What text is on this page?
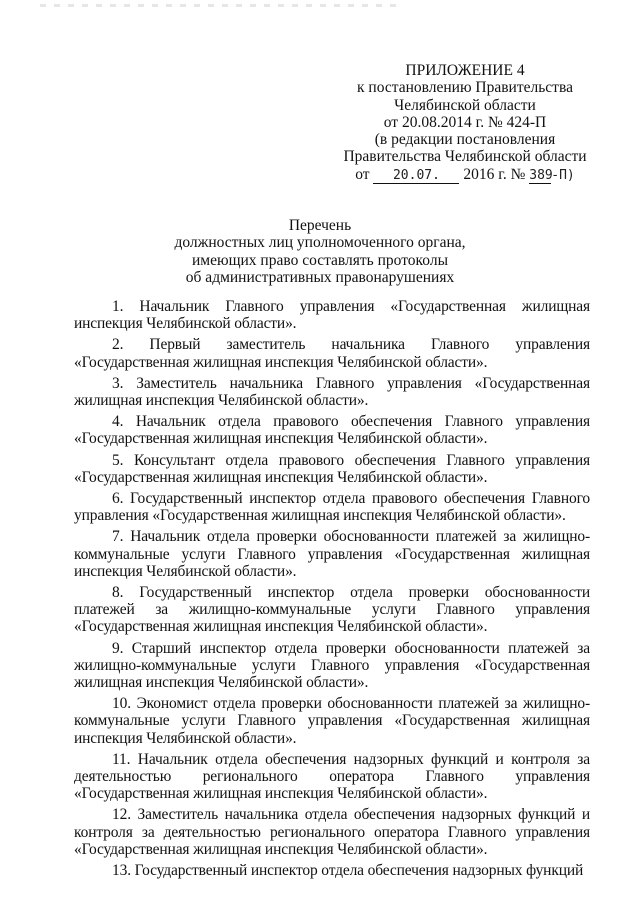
ПРИЛОЖЕНИЕ 4
к постановлению Правительства
Челябинской области
от 20.08.2014 г. № 424-П
(в редакции постановления
Правительства Челябинской области
от 20.07. 2016 г. № 389-П)
Перечень
должностных лиц уполномоченного органа,
имеющих право составлять протоколы
об административных правонарушениях

1. Начальник Главного управления «Государственная жилищная инспекция Челябинской области».

2. Первый заместитель начальника Главного управления «Государственная жилищная инспекция Челябинской области».

3. Заместитель начальника Главного управления «Государственная жилищная инспекция Челябинской области».

4. Начальник отдела правового обеспечения Главного управления «Государственная жилищная инспекция Челябинской области».

5. Консультант отдела правового обеспечения Главного управления «Государственная жилищная инспекция Челябинской области».

6. Государственный инспектор отдела правового обеспечения Главного управления «Государственная жилищная инспекция Челябинской области».

7. Начальник отдела проверки обоснованности платежей за жилищно-коммунальные услуги Главного управления «Государственная жилищная инспекция Челябинской области».

8. Государственный инспектор отдела проверки обоснованности платежей за жилищно-коммунальные услуги Главного управления «Государственная жилищная инспекция Челябинской области».

9. Старший инспектор отдела проверки обоснованности платежей за жилищно-коммунальные услуги Главного управления «Государственная жилищная инспекция Челябинской области».

10. Экономист отдела проверки обоснованности платежей за жилищно-коммунальные услуги Главного управления «Государственная жилищная инспекция Челябинской области».

11. Начальник отдела обеспечения надзорных функций и контроля за деятельностью регионального оператора Главного управления «Государственная жилищная инспекция Челябинской области».

12. Заместитель начальника отдела обеспечения надзорных функций и контроля за деятельностью регионального оператора Главного управления «Государственная жилищная инспекция Челябинской области».

13. Государственный инспектор отдела обеспечения надзорных функций
